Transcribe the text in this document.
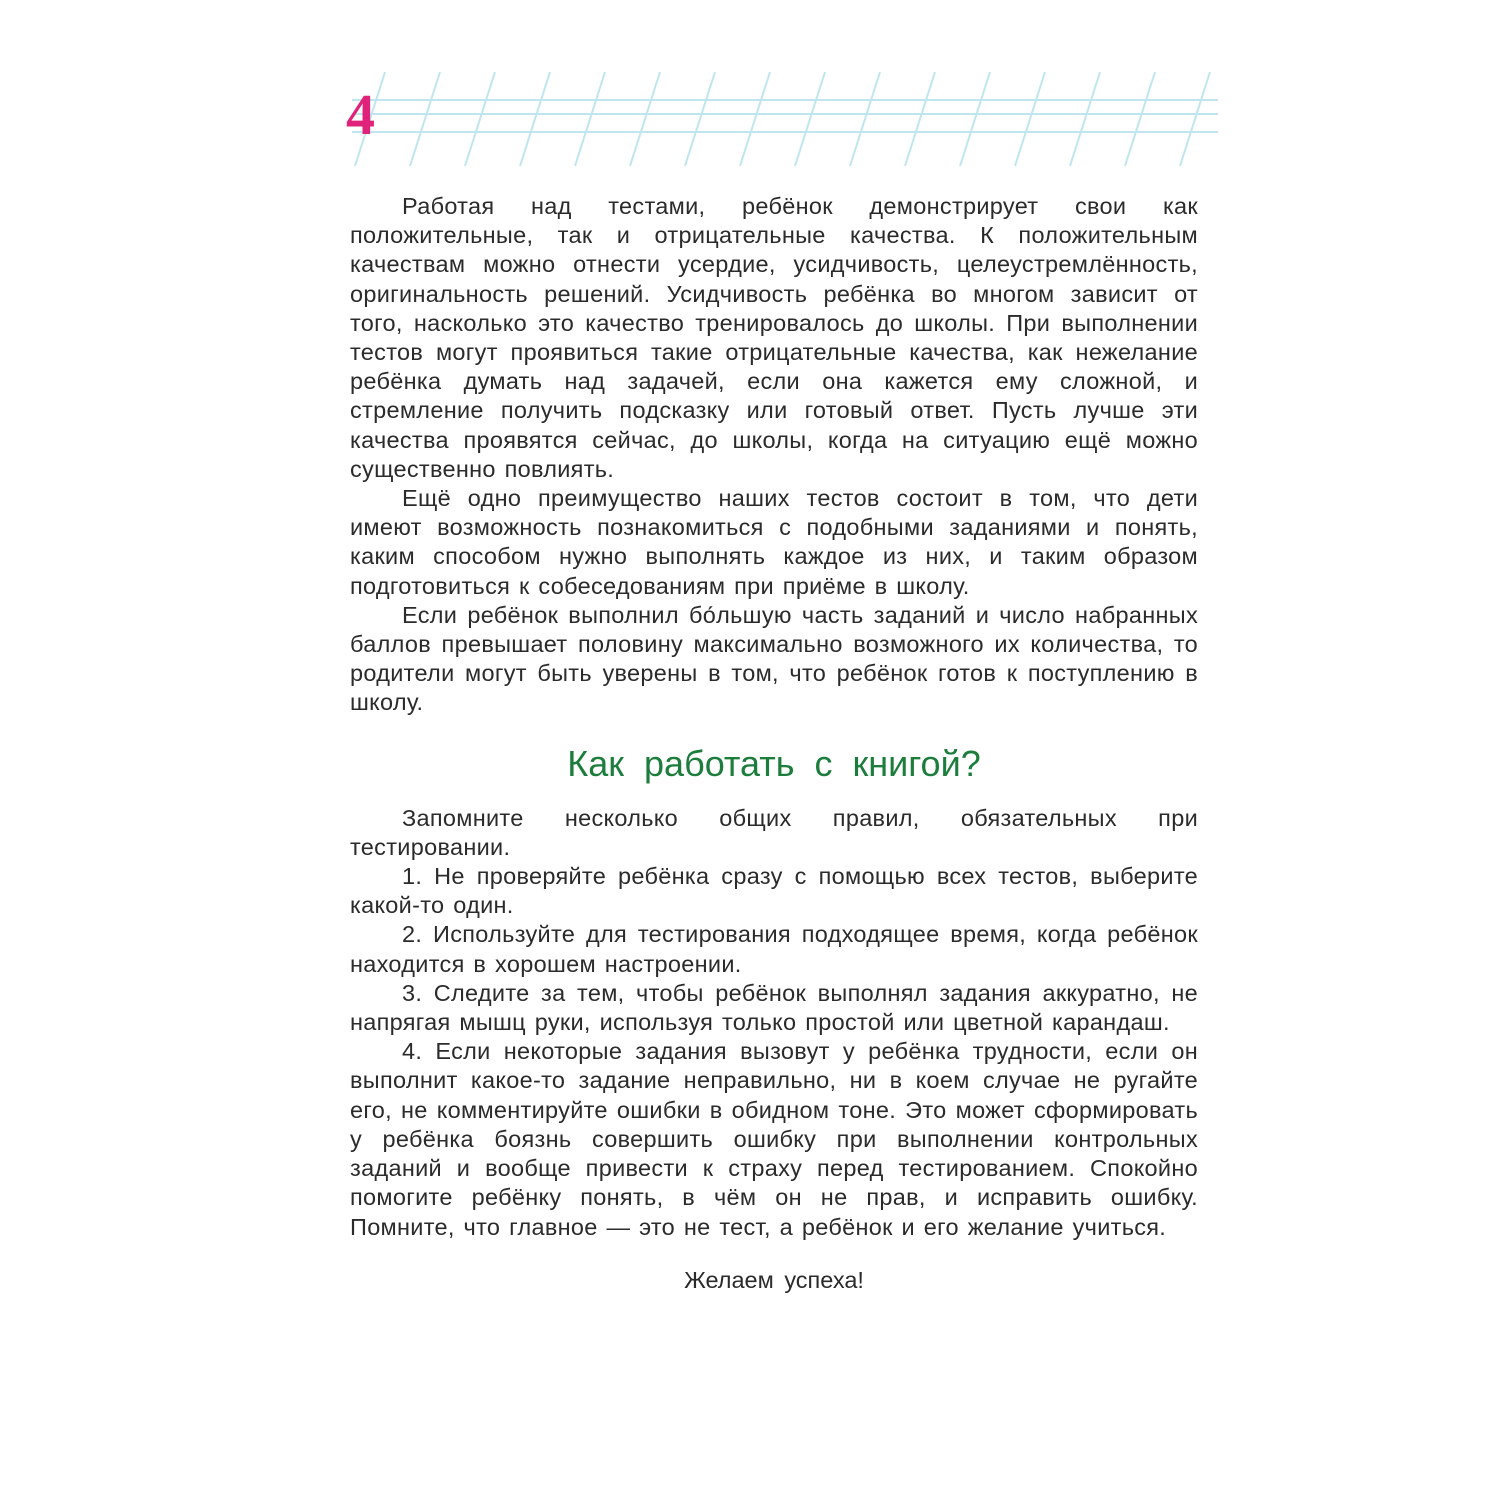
4

Работая над тестами, ребёнок демонстрирует свои как положительные, так и отрицательные качества. К положительным качествам можно отнести усердие, усидчивость, целеустремлённость, оригинальность решений. Усидчивость ребёнка во многом зависит от того, насколько это качество тренировалось до школы. При выполнении тестов могут проявиться такие отрицательные качества, как нежелание ребёнка думать над задачей, если она кажется ему сложной, и стремление получить подсказку или готовый ответ. Пусть лучше эти качества проявятся сейчас, до школы, когда на ситуацию ещё можно существенно повлиять.

Ещё одно преимущество наших тестов состоит в том, что дети имеют возможность познакомиться с подобными заданиями и понять, каким способом нужно выполнять каждое из них, и таким образом подготовиться к собеседованиям при приёме в школу.

Если ребёнок выполнил бо́льшую часть заданий и число набранных баллов превышает половину максимально возможного их количества, то родители могут быть уверены в том, что ребёнок готов к поступлению в школу.

Как работать с книгой?

Запомните несколько общих правил, обязательных при тестировании.

1. Не проверяйте ребёнка сразу с помощью всех тестов, выберите какой-то один.

2. Используйте для тестирования подходящее время, когда ребёнок находится в хорошем настроении.

3. Следите за тем, чтобы ребёнок выполнял задания аккуратно, не напрягая мышц руки, используя только простой или цветной карандаш.

4. Если некоторые задания вызовут у ребёнка трудности, если он выполнит какое-то задание неправильно, ни в коем случае не ругайте его, не комментируйте ошибки в обидном тоне. Это может сформировать у ребёнка боязнь совершить ошибку при выполнении контрольных заданий и вообще привести к страху перед тестированием. Спокойно помогите ребёнку понять, в чём он не прав, и исправить ошибку. Помните, что главное — это не тест, а ребёнок и его желание учиться.

Желаем успеха!
